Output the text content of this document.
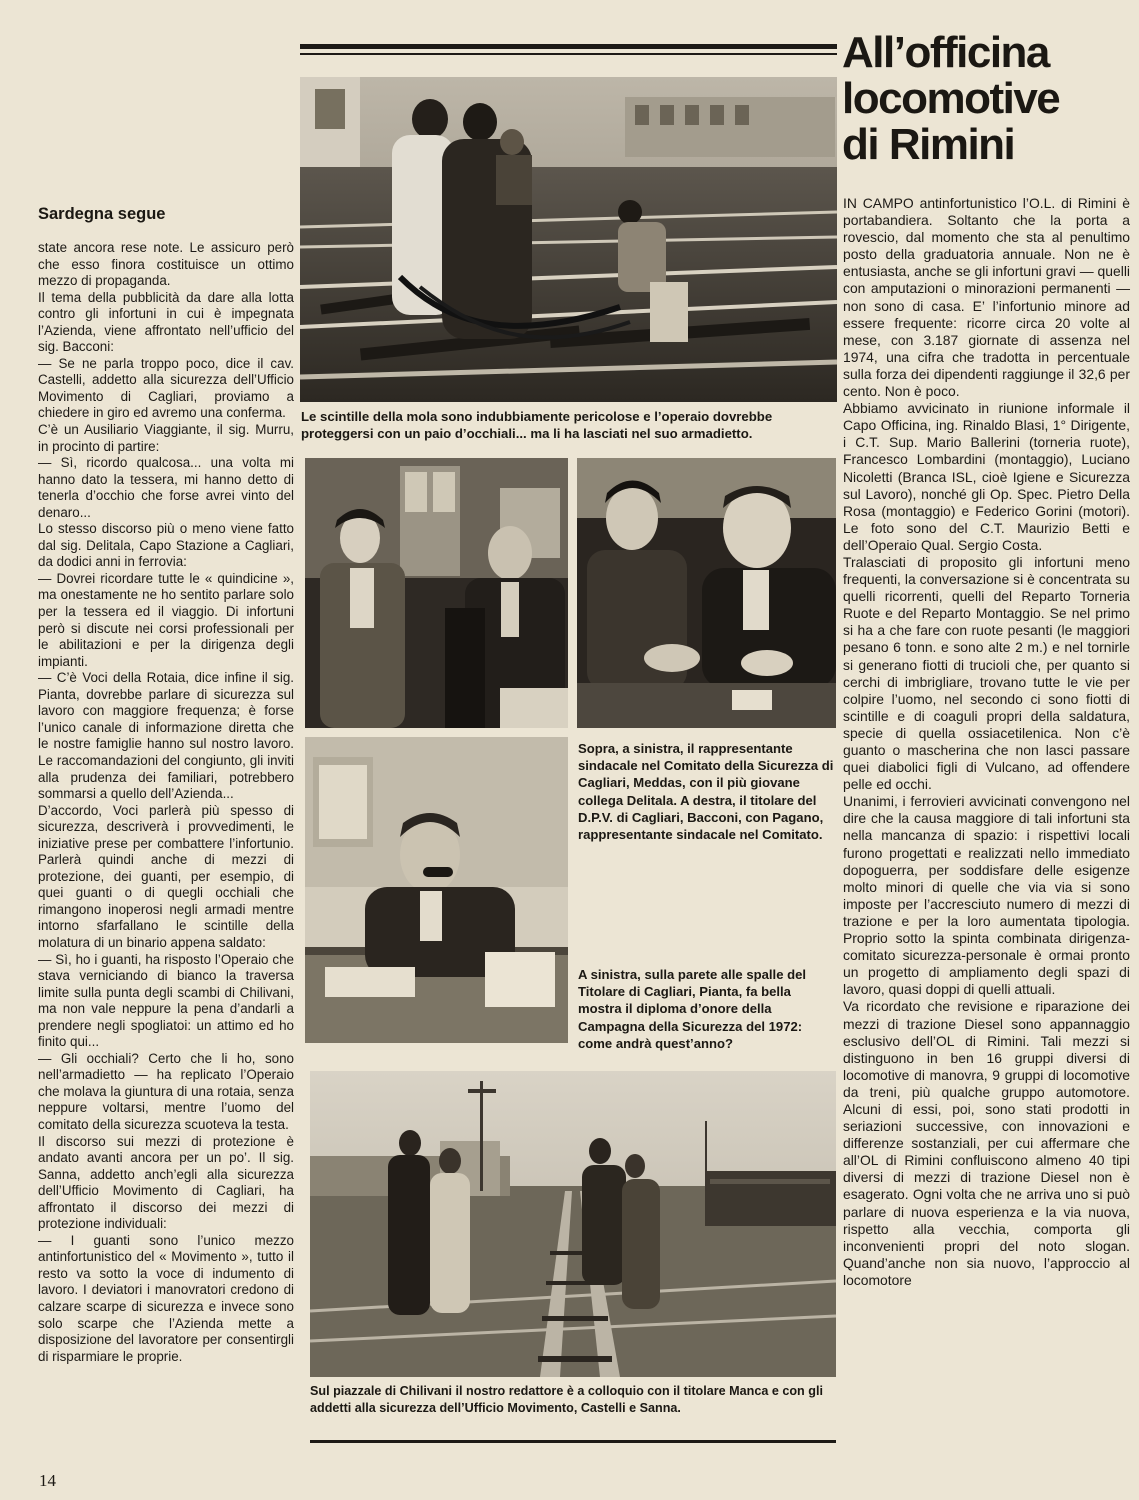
All’officina
locomotive
di Rimini
Sardegna segue

state ancora rese note. Le assicuro però che esso finora costituisce un ottimo mezzo di propaganda.

Il tema della pubblicità da dare alla lotta contro gli infortuni in cui è impegnata l’Azienda, viene affrontato nell’ufficio del sig. Bacconi:

— Se ne parla troppo poco, dice il cav. Castelli, addetto alla sicurezza dell’Ufficio Movimento di Cagliari, proviamo a chiedere in giro ed avremo una conferma.

C’è un Ausiliario Viaggiante, il sig. Murru, in procinto di partire:

— Sì, ricordo qualcosa... una volta mi hanno dato la tessera, mi hanno detto di tenerla d’occhio che forse avrei vinto del denaro...

Lo stesso discorso più o meno viene fatto dal sig. Delitala, Capo Stazione a Cagliari, da dodici anni in ferrovia:

— Dovrei ricordare tutte le « quindicine », ma onestamente ne ho sentito parlare solo per la tessera ed il viaggio. Di infortuni però si discute nei corsi professionali per le abilitazioni e per la dirigenza degli impianti.

— C’è Voci della Rotaia, dice infine il sig. Pianta, dovrebbe parlare di sicurezza sul lavoro con maggiore frequenza; è forse l’unico canale di informazione diretta che le nostre famiglie hanno sul nostro lavoro. Le raccomandazioni del congiunto, gli inviti alla prudenza dei familiari, potrebbero sommarsi a quello dell’Azienda...

D’accordo, Voci parlerà più spesso di sicurezza, descriverà i provvedimenti, le iniziative prese per combattere l’infortunio. Parlerà quindi anche di mezzi di protezione, dei guanti, per esempio, di quei guanti o di quegli occhiali che rimangono inoperosi negli armadi mentre intorno sfarfallano le scintille della molatura di un binario appena saldato:

— Sì, ho i guanti, ha risposto l’Operaio che stava verniciando di bianco la traversa limite sulla punta degli scambi di Chilivani, ma non vale neppure la pena d’andarli a prendere negli spogliatoi: un attimo ed ho finito qui...

— Gli occhiali? Certo che li ho, sono nell’armadietto — ha replicato l’Operaio che molava la giuntura di una rotaia, senza neppure voltarsi, mentre l’uomo del comitato della sicurezza scuoteva la testa.

Il discorso sui mezzi di protezione è andato avanti ancora per un po’. Il sig. Sanna, addetto anch’egli alla sicurezza dell’Ufficio Movimento di Cagliari, ha affrontato il discorso dei mezzi di protezione individuali:

— I guanti sono l’unico mezzo antinfortunistico del « Movimento », tutto il resto va sotto la voce di indumento di lavoro. I deviatori i manovratori credono di calzare scarpe di sicurezza e invece sono solo scarpe che l’Azienda mette a disposizione del lavoratore per consentirgli di risparmiare le proprie.

IN CAMPO antinfortunistico l’O.L. di Rimini è portabandiera. Soltanto che la porta a rovescio, dal momento che sta al penultimo posto della graduatoria annuale. Non ne è entusiasta, anche se gli infortuni gravi — quelli con amputazioni o minorazioni permanenti — non sono di casa. E’ l’infortunio minore ad essere frequente: ricorre circa 20 volte al mese, con 3.187 giornate di assenza nel 1974, una cifra che tradotta in percentuale sulla forza dei dipendenti raggiunge il 32,6 per cento. Non è poco.

Abbiamo avvicinato in riunione informale il Capo Officina, ing. Rinaldo Blasi, 1° Dirigente, i C.T. Sup. Mario Ballerini (torneria ruote), Francesco Lombardini (montaggio), Luciano Nicoletti (Branca ISL, cioè Igiene e Sicurezza sul Lavoro), nonché gli Op. Spec. Pietro Della Rosa (montaggio) e Federico Gorini (motori). Le foto sono del C.T. Maurizio Betti e dell’Operaio Qual. Sergio Costa.

Tralasciati di proposito gli infortuni meno frequenti, la conversazione si è concentrata su quelli ricorrenti, quelli del Reparto Torneria Ruote e del Reparto Montaggio. Se nel primo si ha a che fare con ruote pesanti (le maggiori pesano 6 tonn. e sono alte 2 m.) e nel tornirle si generano fiotti di trucioli che, per quanto si cerchi di imbrigliare, trovano tutte le vie per colpire l’uomo, nel secondo ci sono fiotti di scintille e di coaguli propri della saldatura, specie di quella ossiacetilenica. Non c’è guanto o mascherina che non lasci passare quei diabolici figli di Vulcano, ad offendere pelle ed occhi.

Unanimi, i ferrovieri avvicinati convengono nel dire che la causa maggiore di tali infortuni sta nella mancanza di spazio: i rispettivi locali furono progettati e realizzati nello immediato dopoguerra, per soddisfare delle esigenze molto minori di quelle che via via si sono imposte per l’accresciuto numero di mezzi di trazione e per la loro aumentata tipologia. Proprio sotto la spinta combinata dirigenza-comitato sicurezza-personale è ormai pronto un progetto di ampliamento degli spazi di lavoro, quasi doppi di quelli attuali.

Va ricordato che revisione e riparazione dei mezzi di trazione Diesel sono appannaggio esclusivo dell’OL di Rimini. Tali mezzi si distinguono in ben 16 gruppi diversi di locomotive di manovra, 9 gruppi di locomotive da treni, più qualche gruppo automotore. Alcuni di essi, poi, sono stati prodotti in seriazioni successive, con innovazioni e differenze sostanziali, per cui affermare che all’OL di Rimini confluiscono almeno 40 tipi diversi di mezzi di trazione Diesel non è esagerato. Ogni volta che ne arriva uno si può parlare di nuova esperienza e la via nuova, rispetto alla vecchia, comporta gli inconvenienti propri del noto slogan. Quand’anche non sia nuovo, l’approccio al locomotore

Le scintille della mola sono indubbiamente pericolose e l’operaio dovrebbe proteggersi con un paio d’occhiali... ma li ha lasciati nel suo armadietto.

Sopra, a sinistra, il rappresentante sindacale nel Comitato della Sicurezza di Cagliari, Meddas, con il più giovane collega Delitala. A destra, il titolare del D.P.V. di Cagliari, Bacconi, con Pagano, rappresentante sindacale nel Comitato.

A sinistra, sulla parete alle spalle del Titolare di Cagliari, Pianta, fa bella mostra il diploma d’onore della Campagna della Sicurezza del 1972: come andrà quest’anno?

Sul piazzale di Chilivani il nostro redattore è a colloquio con il titolare Manca e con gli addetti alla sicurezza dell’Ufficio Movimento, Castelli e Sanna.

14
